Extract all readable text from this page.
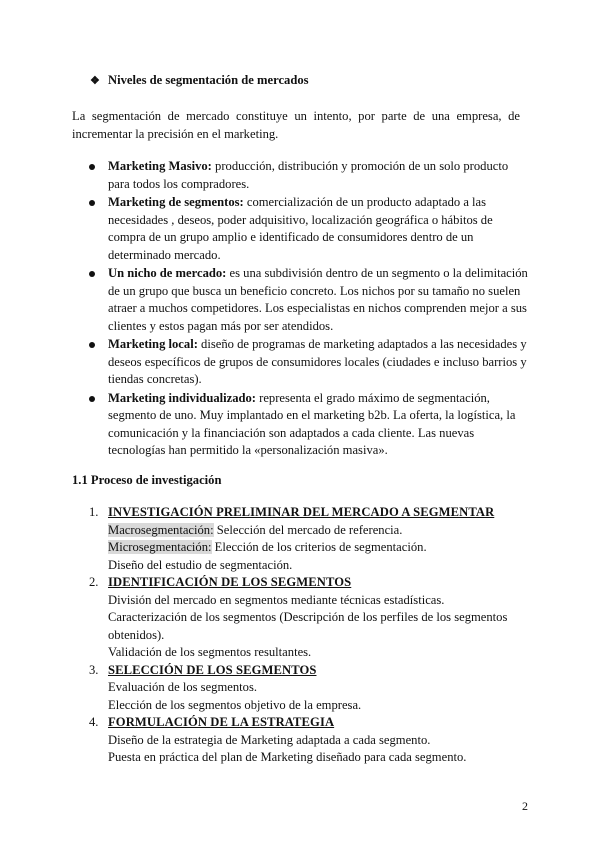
❖ Niveles de segmentación de mercados

La segmentación de mercado constituye un intento, por parte de una empresa, de incrementar la precisión en el marketing.

Marketing Masivo: producción, distribución y promoción de un solo producto para todos los compradores.
Marketing de segmentos: comercialización de un producto adaptado a las necesidades , deseos, poder adquisitivo, localización geográfica o hábitos de compra de un grupo amplio e identificado de consumidores dentro de un determinado mercado.
Un nicho de mercado: es una subdivisión dentro de un segmento o la delimitación de un grupo que busca un beneficio concreto. Los nichos por su tamaño no suelen atraer a muchos competidores. Los especialistas en nichos comprenden mejor a sus clientes y estos pagan más por ser atendidos.
Marketing local: diseño de programas de marketing adaptados a las necesidades y deseos específicos de grupos de consumidores locales (ciudades e incluso barrios y tiendas concretas).
Marketing individualizado: representa el grado máximo de segmentación, segmento de uno. Muy implantado en el marketing b2b. La oferta, la logística, la comunicación y la financiación son adaptados a cada cliente. Las nuevas tecnologías han permitido la «personalización masiva».
1.1 Proceso de investigación
1. INVESTIGACIÓN PRELIMINAR DEL MERCADO A SEGMENTAR
Macrosegmentación: Selección del mercado de referencia.
Microsegmentación: Elección de los criterios de segmentación.
Diseño del estudio de segmentación.
2. IDENTIFICACIÓN DE LOS SEGMENTOS
División del mercado en segmentos mediante técnicas estadísticas.
Caracterización de los segmentos (Descripción de los perfiles de los segmentos obtenidos).
Validación de los segmentos resultantes.
3. SELECCIÓN DE LOS SEGMENTOS
Evaluación de los segmentos.
Elección de los segmentos objetivo de la empresa.
4. FORMULACIÓN DE LA ESTRATEGIA
Diseño de la estrategia de Marketing adaptada a cada segmento.
Puesta en práctica del plan de Marketing diseñado para cada segmento.
2
